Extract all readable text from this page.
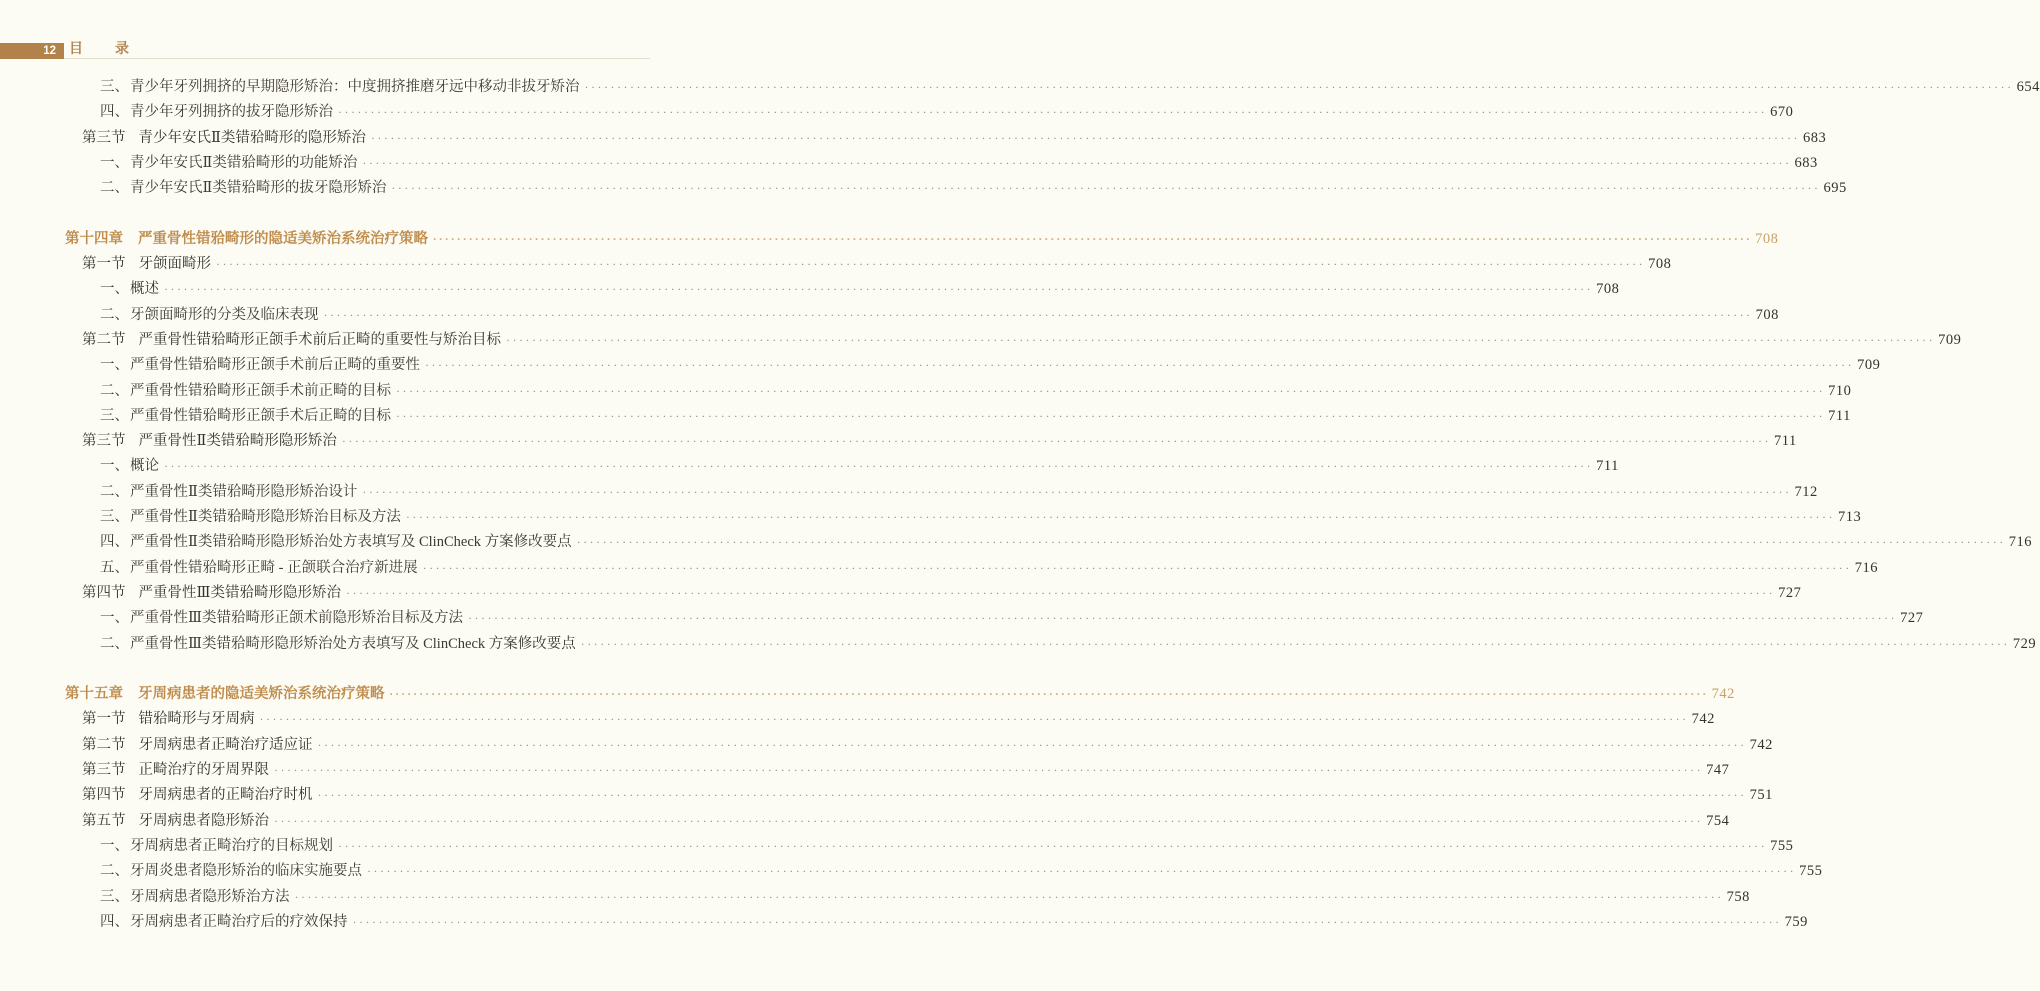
12 目　录
三、 青少年牙列拥挤的早期隐形矫治：中度拥挤推磨牙远中移动非拔牙矫治 ···························································································································································································································· 654
四、 青少年牙列拥挤的拔牙隐形矫治 ···························································································································································································································· 670
第三节 青少年安氏Ⅱ类错𬌗畸形的隐形矫治 ···························································································································································································································· 683
一、 青少年安氏Ⅱ类错𬌗畸形的功能矫治 ···························································································································································································································· 683
二、 青少年安氏Ⅱ类错𬌗畸形的拔牙隐形矫治 ···························································································································································································································· 695
第十四章 严重骨性错𬌗畸形的隐适美矫治系统治疗策略 ···························································································································································································································· 708
第一节 牙颌面畸形 ···························································································································································································································· 708
一、 概述 ···························································································································································································································· 708
二、 牙颌面畸形的分类及临床表现 ···························································································································································································································· 708
第二节 严重骨性错𬌗畸形正颌手术前后正畸的重要性与矫治目标 ···························································································································································································································· 709
一、 严重骨性错𬌗畸形正颌手术前后正畸的重要性 ···························································································································································································································· 709
二、 严重骨性错𬌗畸形正颌手术前正畸的目标 ···························································································································································································································· 710
三、 严重骨性错𬌗畸形正颌手术后正畸的目标 ···························································································································································································································· 711
第三节 严重骨性Ⅱ类错𬌗畸形隐形矫治 ···························································································································································································································· 711
一、 概论 ···························································································································································································································· 711
二、 严重骨性Ⅱ类错𬌗畸形隐形矫治设计 ···························································································································································································································· 712
三、 严重骨性Ⅱ类错𬌗畸形隐形矫治目标及方法 ···························································································································································································································· 713
四、 严重骨性Ⅱ类错𬌗畸形隐形矫治处方表填写及 ClinCheck 方案修改要点 ···························································································································································································································· 716
五、 严重骨性错𬌗畸形正畸 - 正颌联合治疗新进展 ···························································································································································································································· 716
第四节 严重骨性Ⅲ类错𬌗畸形隐形矫治 ···························································································································································································································· 727
一、 严重骨性Ⅲ类错𬌗畸形正颌术前隐形矫治目标及方法 ···························································································································································································································· 727
二、 严重骨性Ⅲ类错𬌗畸形隐形矫治处方表填写及 ClinCheck 方案修改要点 ···························································································································································································································· 729
第十五章 牙周病患者的隐适美矫治系统治疗策略 ···························································································································································································································· 742
第一节 错𬌗畸形与牙周病 ···························································································································································································································· 742
第二节 牙周病患者正畸治疗适应证 ···························································································································································································································· 742
第三节 正畸治疗的牙周界限 ···························································································································································································································· 747
第四节 牙周病患者的正畸治疗时机 ···························································································································································································································· 751
第五节 牙周病患者隐形矫治 ···························································································································································································································· 754
一、 牙周病患者正畸治疗的目标规划 ···························································································································································································································· 755
二、 牙周炎患者隐形矫治的临床实施要点 ···························································································································································································································· 755
三、 牙周病患者隐形矫治方法 ···························································································································································································································· 758
四、 牙周病患者正畸治疗后的疗效保持 ···························································································································································································································· 759
